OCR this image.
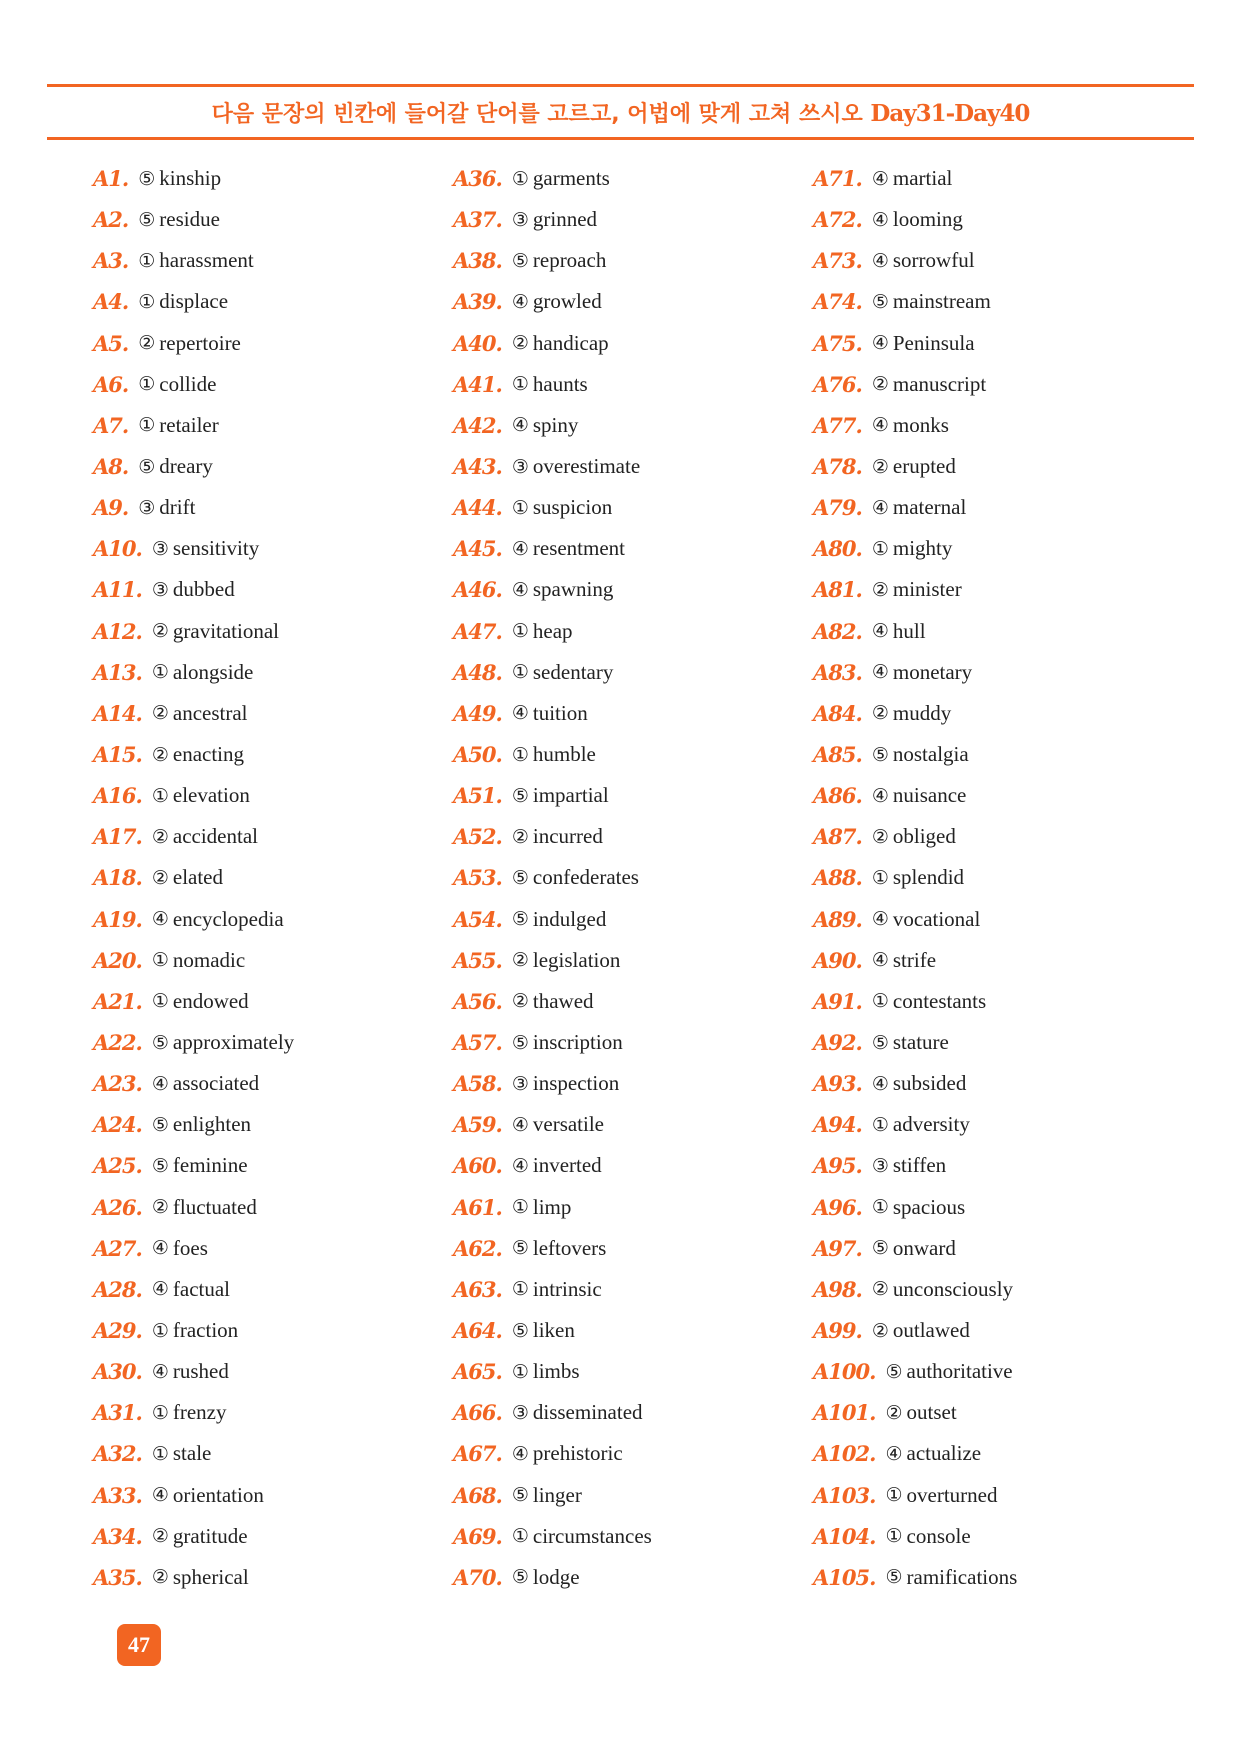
다음 문장의 빈칸에 들어갈 단어를 고르고, 어법에 맞게 고쳐 쓰시오 Day31-Day40
A1. ⑤ kinship
A2. ⑤ residue
A3. ① harassment
A4. ① displace
A5. ② repertoire
A6. ① collide
A7. ① retailer
A8. ⑤ dreary
A9. ③ drift
A10. ③ sensitivity
A11. ③ dubbed
A12. ② gravitational
A13. ① alongside
A14. ② ancestral
A15. ② enacting
A16. ① elevation
A17. ② accidental
A18. ② elated
A19. ④ encyclopedia
A20. ① nomadic
A21. ① endowed
A22. ⑤ approximately
A23. ④ associated
A24. ⑤ enlighten
A25. ⑤ feminine
A26. ② fluctuated
A27. ④ foes
A28. ④ factual
A29. ① fraction
A30. ④ rushed
A31. ① frenzy
A32. ① stale
A33. ④ orientation
A34. ② gratitude
A35. ② spherical
A36. ① garments
A37. ③ grinned
A38. ⑤ reproach
A39. ④ growled
A40. ② handicap
A41. ① haunts
A42. ④ spiny
A43. ③ overestimate
A44. ① suspicion
A45. ④ resentment
A46. ④ spawning
A47. ① heap
A48. ① sedentary
A49. ④ tuition
A50. ① humble
A51. ⑤ impartial
A52. ② incurred
A53. ⑤ confederates
A54. ⑤ indulged
A55. ② legislation
A56. ② thawed
A57. ⑤ inscription
A58. ③ inspection
A59. ④ versatile
A60. ④ inverted
A61. ① limp
A62. ⑤ leftovers
A63. ① intrinsic
A64. ⑤ liken
A65. ① limbs
A66. ③ disseminated
A67. ④ prehistoric
A68. ⑤ linger
A69. ① circumstances
A70. ⑤ lodge
A71. ④ martial
A72. ④ looming
A73. ④ sorrowful
A74. ⑤ mainstream
A75. ④ Peninsula
A76. ② manuscript
A77. ④ monks
A78. ② erupted
A79. ④ maternal
A80. ① mighty
A81. ② minister
A82. ④ hull
A83. ④ monetary
A84. ② muddy
A85. ⑤ nostalgia
A86. ④ nuisance
A87. ② obliged
A88. ① splendid
A89. ④ vocational
A90. ④ strife
A91. ① contestants
A92. ⑤ stature
A93. ④ subsided
A94. ① adversity
A95. ③ stiffen
A96. ① spacious
A97. ⑤ onward
A98. ② unconsciously
A99. ② outlawed
A100. ⑤ authoritative
A101. ② outset
A102. ④ actualize
A103. ① overturned
A104. ① console
A105. ⑤ ramifications
47
